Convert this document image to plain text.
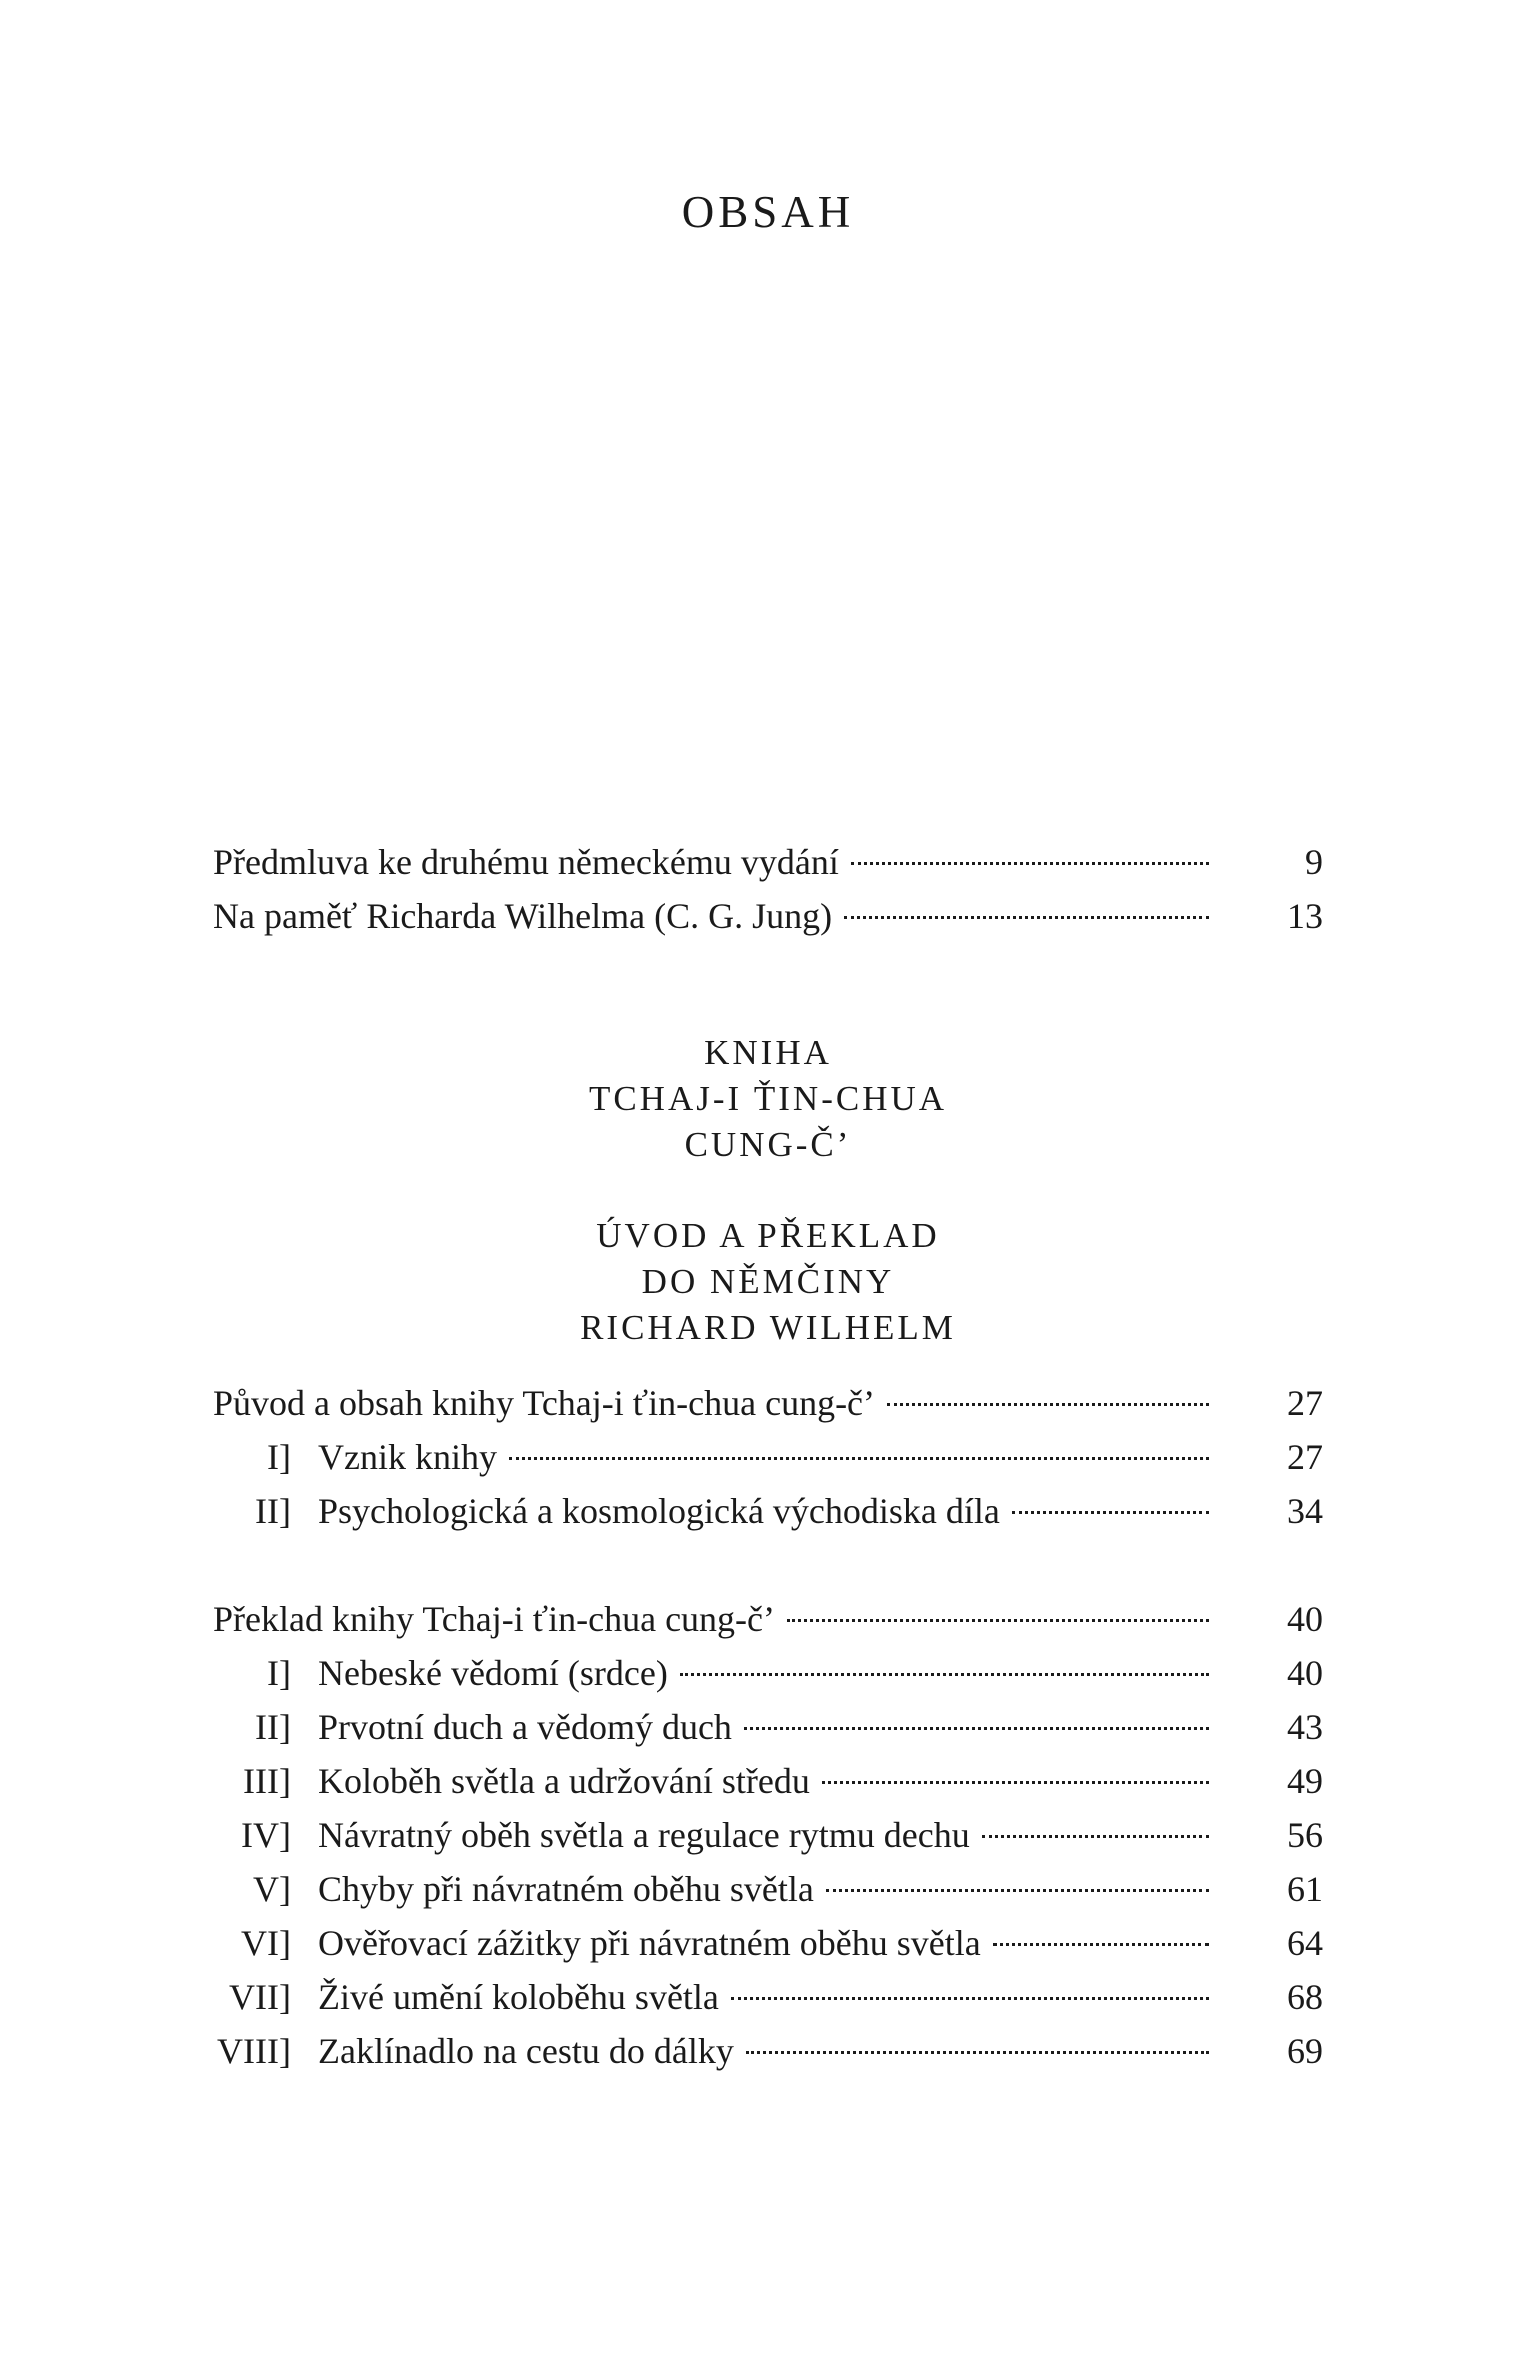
OBSAH
Předmluva ke druhému německému vydání	9
Na paměť Richarda Wilhelma (C. G. Jung)	13
KNIHA
TCHAJ-I ŤIN-CHUA
CUNG-Č’
ÚVOD A PŘEKLAD
DO NĚMČINY
RICHARD WILHELM
Původ a obsah knihy Tchaj-i ťin-chua cung-č’	27
I] Vznik knihy	27
II] Psychologická a kosmologická východiska díla	34
Překlad knihy Tchaj-i ťin-chua cung-č’	40
I] Nebeské vědomí (srdce)	40
II] Prvotní duch a vědomý duch	43
III] Koloběh světla a udržování středu	49
IV] Návratný oběh světla a regulace rytmu dechu	56
V] Chyby při návratném oběhu světla	61
VI] Ověřovací zážitky při návratném oběhu světla	64
VII] Živé umění koloběhu světla	68
VIII] Zaklínadlo na cestu do dálky	69
